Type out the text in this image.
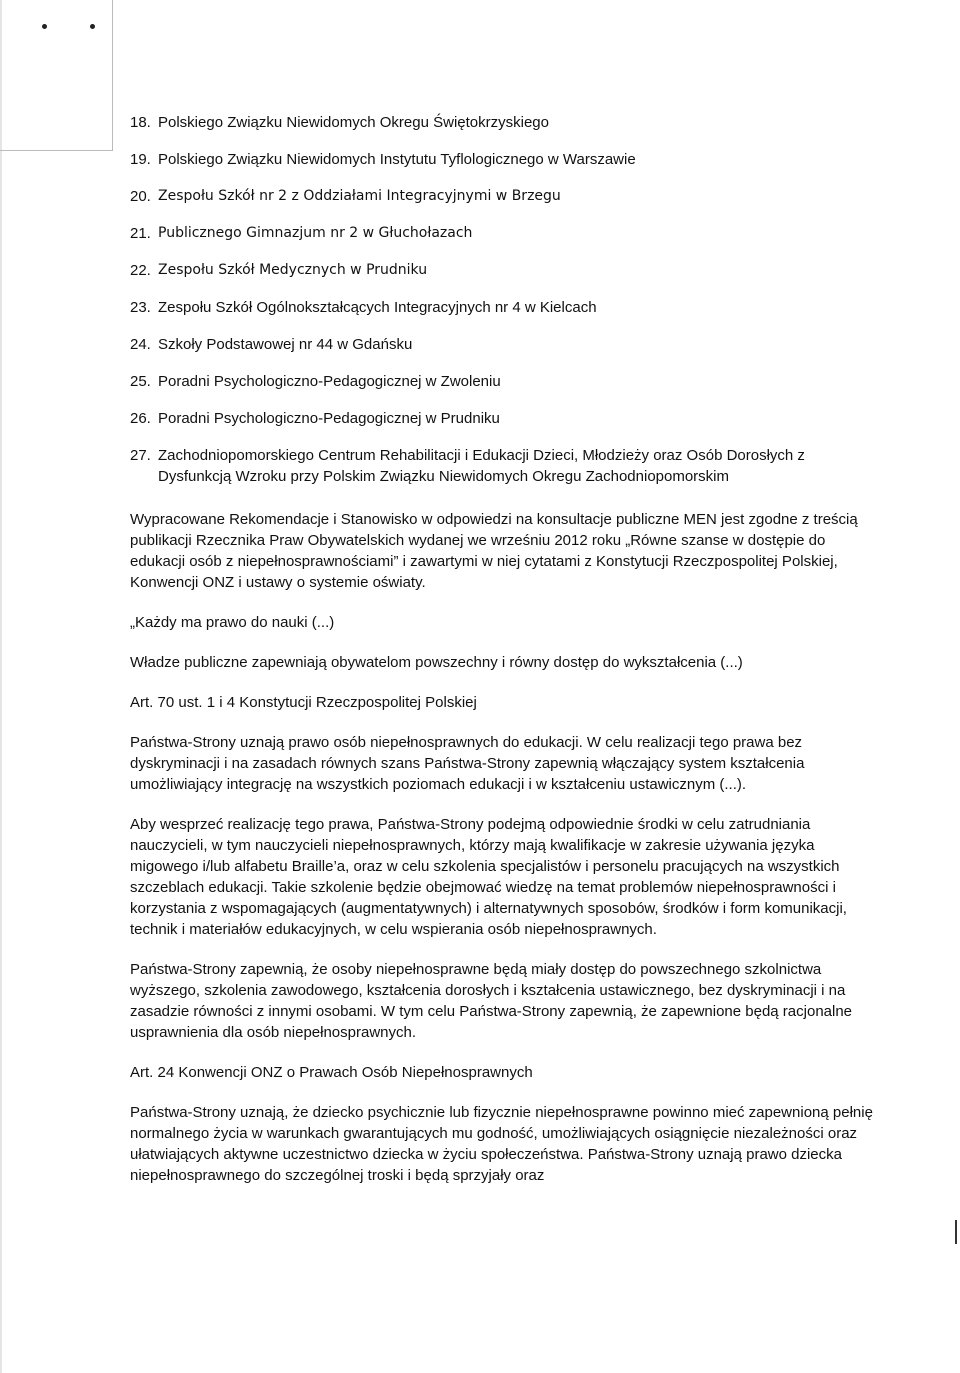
18. Polskiego Związku Niewidomych Okregu Świętokrzyskiego
19. Polskiego Związku Niewidomych Instytutu Tyflologicznego w Warszawie
20. Zespołu Szkół nr 2 z Oddziałami Integracyjnymi w Brzegu
21. Publicznego Gimnazjum nr 2 w Głuchołazach
22. Zespołu Szkół Medycznych w Prudniku
23. Zespołu Szkół Ogólnokształcących Integracyjnych nr 4 w Kielcach
24. Szkoły Podstawowej nr 44 w Gdańsku
25. Poradni Psychologiczno-Pedagogicznej w Zwoleniu
26. Poradni Psychologiczno-Pedagogicznej w Prudniku
27. Zachodniopomorskiego Centrum Rehabilitacji i Edukacji Dzieci, Młodzieży oraz Osób Dorosłych z Dysfunkcją Wzroku przy Polskim Związku Niewidomych Okregu Zachodniopomorskim

Wypracowane Rekomendacje i Stanowisko w odpowiedzi na konsultacje publiczne MEN jest zgodne z treścią publikacji Rzecznika Praw Obywatelskich wydanej we wrześniu 2012 roku „Równe szanse w dostępie do edukacji osób z niepełnosprawnościami” i zawartymi w niej cytatami z Konstytucji Rzeczpospolitej Polskiej, Konwencji ONZ i ustawy o systemie oświaty.

„Każdy ma prawo do nauki (...)

Władze publiczne zapewniają obywatelom powszechny i równy dostęp do wykształcenia (...)

Art. 70 ust. 1 i 4 Konstytucji Rzeczpospolitej Polskiej

Państwa-Strony uznają prawo osób niepełnosprawnych do edukacji. W celu realizacji tego prawa bez dyskryminacji i na zasadach równych szans Państwa-Strony zapewnią włączający system kształcenia umożliwiający integrację na wszystkich poziomach edukacji i w kształceniu ustawicznym (...).

Aby wesprzeć realizację tego prawa, Państwa-Strony podejmą odpowiednie środki w celu zatrudniania nauczycieli, w tym nauczycieli niepełnosprawnych, którzy mają kwalifikacje w zakresie używania języka migowego i/lub alfabetu Braille’a, oraz w celu szkolenia specjalistów i personelu pracujących na wszystkich szczeblach edukacji. Takie szkolenie będzie obejmować wiedzę na temat problemów niepełnosprawności i korzystania z wspomagających (augmentatywnych) i alternatywnych sposobów, środków i form komunikacji, technik i materiałów edukacyjnych, w celu wspierania osób niepełnosprawnych.

Państwa-Strony zapewnią, że osoby niepełnosprawne będą miały dostęp do powszechnego szkolnictwa wyższego, szkolenia zawodowego, kształcenia dorosłych i kształcenia ustawicznego, bez dyskryminacji i na zasadzie równości z innymi osobami. W tym celu Państwa-Strony zapewnią, że zapewnione będą racjonalne usprawnienia dla osób niepełnosprawnych.

Art. 24 Konwencji ONZ o Prawach Osób Niepełnosprawnych

Państwa-Strony uznają, że dziecko psychicznie lub fizycznie niepełnosprawne powinno mieć zapewnioną pełnię normalnego życia w warunkach gwarantujących mu godność, umożliwiających osiągnięcie niezależności oraz ułatwiających aktywne uczestnictwo dziecka w życiu społeczeństwa. Państwa-Strony uznają prawo dziecka niepełnosprawnego do szczególnej troski i będą sprzyjały oraz
